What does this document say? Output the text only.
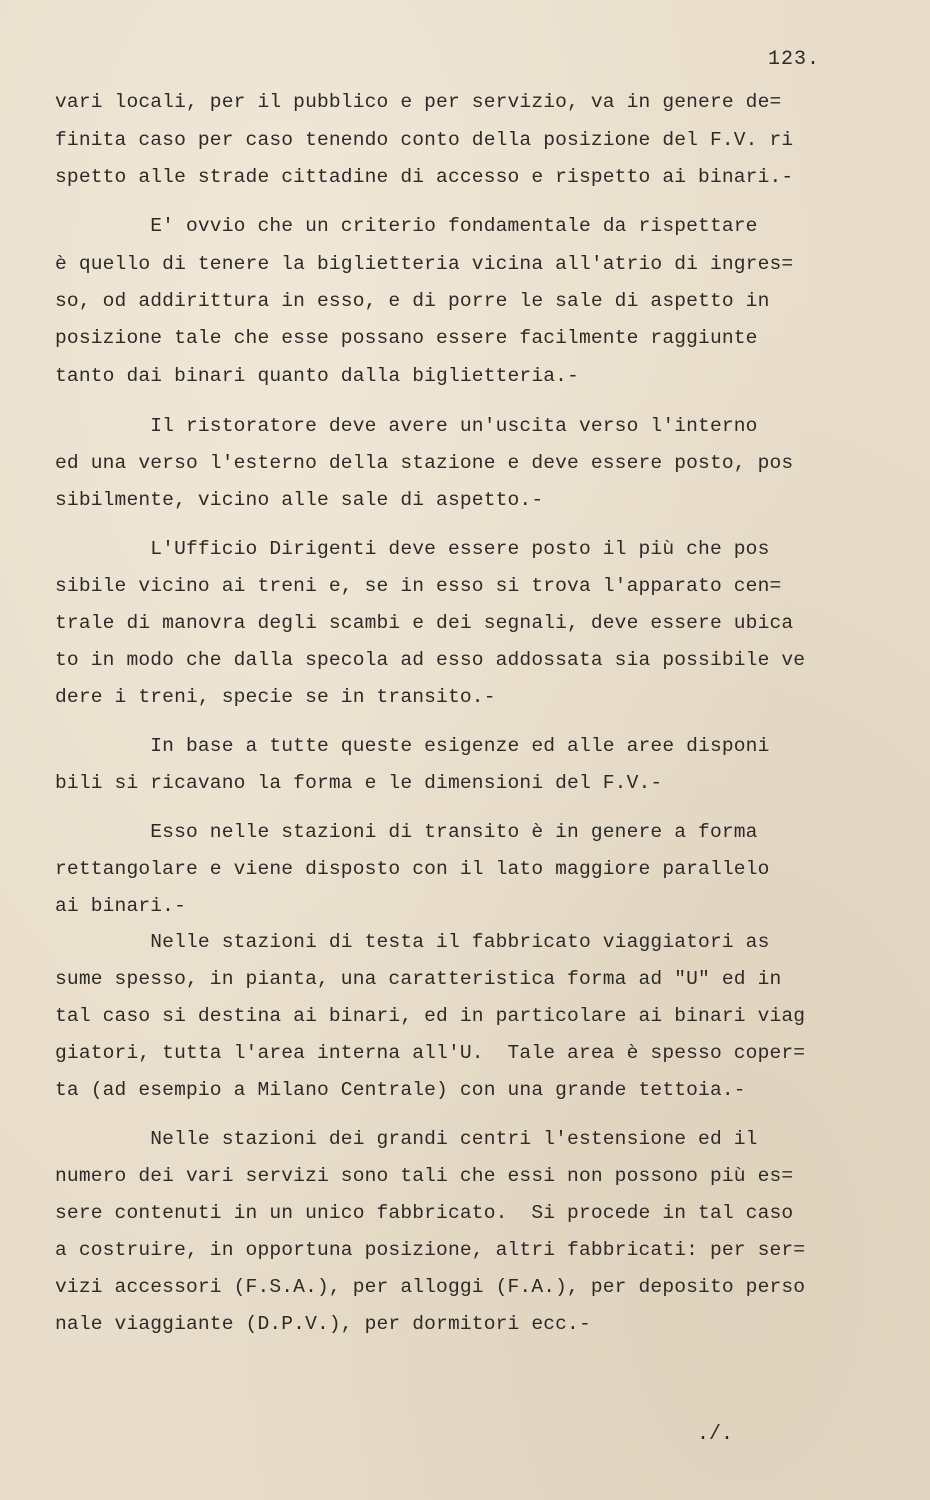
123.
vari locali, per il pubblico e per servizio, va in genere de=
finita caso per caso tenendo conto della posizione del F.V. ri
spetto alle strade cittadine di accesso e rispetto ai binari.-
E' ovvio che un criterio fondamentale da rispettare
è quello di tenere la biglietteria vicina all'atrio di ingres=
so, od addirittura in esso, e di porre le sale di aspetto in
posizione tale che esse possano essere facilmente raggiunte
tanto dai binari quanto dalla biglietteria.-
Il ristoratore deve avere un'uscita verso l'interno
ed una verso l'esterno della stazione e deve essere posto, pos
sibilmente, vicino alle sale di aspetto.-
L'Ufficio Dirigenti deve essere posto il più che pos
sibile vicino ai treni e, se in esso si trova l'apparato cen=
trale di manovra degli scambi e dei segnali, deve essere ubica
to in modo che dalla specola ad esso addossata sia possibile ve
dere i treni, specie se in transito.-
In base a tutte queste esigenze ed alle aree disponi
bili si ricavano la forma e le dimensioni del F.V.-
Esso nelle stazioni di transito è in genere a forma
rettangolare e viene disposto con il lato maggiore parallelo
ai binari.-
Nelle stazioni di testa il fabbricato viaggiatori as
sume spesso, in pianta, una caratteristica forma ad "U" ed in
tal caso si destina ai binari, ed in particolare ai binari viag
giatori, tutta l'area interna all'U.  Tale area è spesso coper=
ta (ad esempio a Milano Centrale) con una grande tettoia.-
Nelle stazioni dei grandi centri l'estensione ed il
numero dei vari servizi sono tali che essi non possono più es=
sere contenuti in un unico fabbricato.  Si procede in tal caso
a costruire, in opportuna posizione, altri fabbricati: per ser=
vizi accessori (F.S.A.), per alloggi (F.A.), per deposito perso
nale viaggiante (D.P.V.), per dormitori ecc.-
./.
